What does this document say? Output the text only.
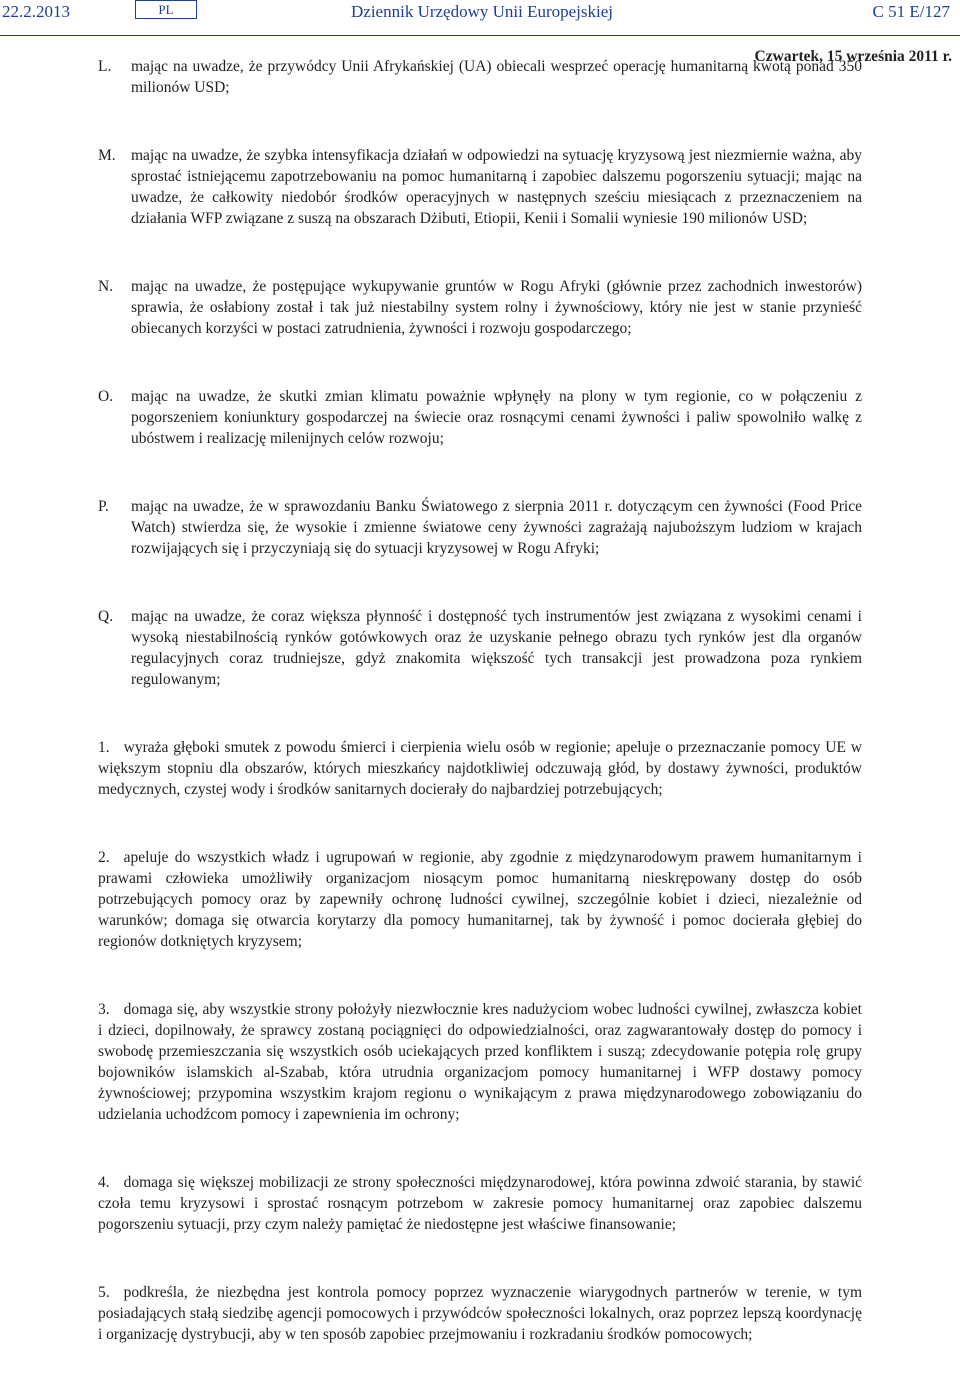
22.2.2013	PL	Dziennik Urzędowy Unii Europejskiej	C 51 E/127
Czwartek, 15 września 2011 r.

L. mając na uwadze, że przywódcy Unii Afrykańskiej (UA) obiecali wesprzeć operację humanitarną kwotą ponad 350 milionów USD;

M. mając na uwadze, że szybka intensyfikacja działań w odpowiedzi na sytuację kryzysową jest niezmiernie ważna, aby sprostać istniejącemu zapotrzebowaniu na pomoc humanitarną i zapobiec dalszemu pogorszeniu sytuacji; mając na uwadze, że całkowity niedobór środków operacyjnych w następnych sześciu miesiącach z przeznaczeniem na działania WFP związane z suszą na obszarach Dżibuti, Etiopii, Kenii i Somalii wyniesie 190 milionów USD;

N. mając na uwadze, że postępujące wykupywanie gruntów w Rogu Afryki (głównie przez zachodnich inwestorów) sprawia, że osłabiony został i tak już niestabilny system rolny i żywnościowy, który nie jest w stanie przynieść obiecanych korzyści w postaci zatrudnienia, żywności i rozwoju gospodarczego;

O. mając na uwadze, że skutki zmian klimatu poważnie wpłynęły na plony w tym regionie, co w połączeniu z pogorszeniem koniunktury gospodarczej na świecie oraz rosnącymi cenami żywności i paliw spowolniło walkę z ubóstwem i realizację milenijnych celów rozwoju;

P. mając na uwadze, że w sprawozdaniu Banku Światowego z sierpnia 2011 r. dotyczącym cen żywności (Food Price Watch) stwierdza się, że wysokie i zmienne światowe ceny żywności zagrażają najuboższym ludziom w krajach rozwijających się i przyczyniają się do sytuacji kryzysowej w Rogu Afryki;

Q. mając na uwadze, że coraz większa płynność i dostępność tych instrumentów jest związana z wysokimi cenami i wysoką niestabilnością rynków gotówkowych oraz że uzyskanie pełnego obrazu tych rynków jest dla organów regulacyjnych coraz trudniejsze, gdyż znakomita większość tych transakcji jest prowadzona poza rynkiem regulowanym;

1. wyraża głęboki smutek z powodu śmierci i cierpienia wielu osób w regionie; apeluje o przeznaczanie pomocy UE w większym stopniu dla obszarów, których mieszkańcy najdotkliwiej odczuwają głód, by dostawy żywności, produktów medycznych, czystej wody i środków sanitarnych docierały do najbardziej potrzebujących;

2. apeluje do wszystkich władz i ugrupowań w regionie, aby zgodnie z międzynarodowym prawem humanitarnym i prawami człowieka umożliwiły organizacjom niosącym pomoc humanitarną nieskrępowany dostęp do osób potrzebujących pomocy oraz by zapewniły ochronę ludności cywilnej, szczególnie kobiet i dzieci, niezależnie od warunków; domaga się otwarcia korytarzy dla pomocy humanitarnej, tak by żywność i pomoc docierała głębiej do regionów dotkniętych kryzysem;

3. domaga się, aby wszystkie strony położyły niezwłocznie kres nadużyciom wobec ludności cywilnej, zwłaszcza kobiet i dzieci, dopilnowały, że sprawcy zostaną pociągnięci do odpowiedzialności, oraz zagwarantowały dostęp do pomocy i swobodę przemieszczania się wszystkich osób uciekających przed konfliktem i suszą; zdecydowanie potępia rolę grupy bojowników islamskich al-Szabab, która utrudnia organizacjom pomocy humanitarnej i WFP dostawy pomocy żywnościowej; przypomina wszystkim krajom regionu o wynikającym z prawa międzynarodowego zobowiązaniu do udzielania uchodźcom pomocy i zapewnienia im ochrony;

4. domaga się większej mobilizacji ze strony społeczności międzynarodowej, która powinna zdwoić starania, by stawić czoła temu kryzysowi i sprostać rosnącym potrzebom w zakresie pomocy humanitarnej oraz zapobiec dalszemu pogorszeniu sytuacji, przy czym należy pamiętać że niedostępne jest właściwe finansowanie;

5. podkreśla, że niezbędna jest kontrola pomocy poprzez wyznaczenie wiarygodnych partnerów w terenie, w tym posiadających stałą siedzibę agencji pomocowych i przywódców społeczności lokalnych, oraz poprzez lepszą koordynację i organizację dystrybucji, aby w ten sposób zapobiec przejmowaniu i rozkradaniu środków pomocowych;
